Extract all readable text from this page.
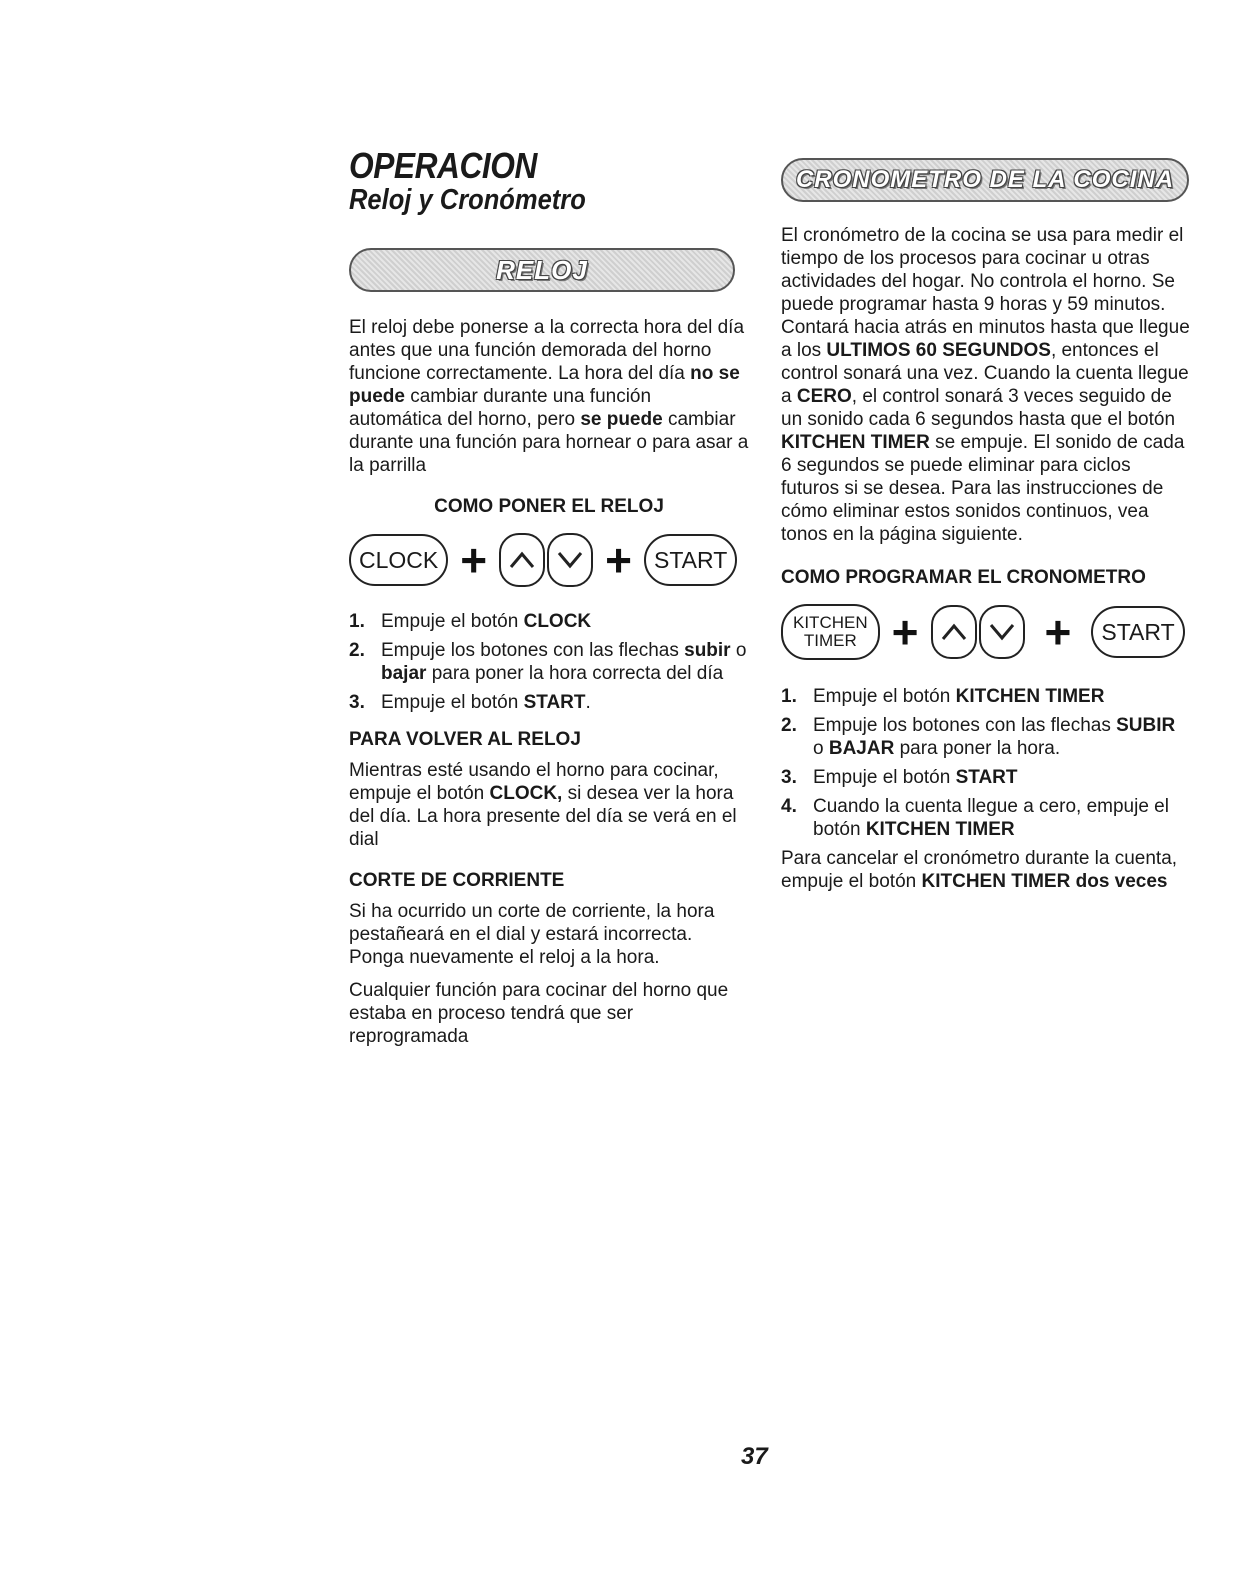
OPERACION
Reloj y Cronómetro
RELOJ

El reloj debe ponerse a la correcta hora del día antes que una función demorada del horno funcione correctamente. La hora del día no se puede cambiar durante una función automática del horno, pero se puede cambiar durante una función para hornear o para asar a la parrilla

COMO PONER EL RELOJ

CLOCK +	+ START
1. Empuje el botón CLOCK
2. Empuje los botones con las flechas subir o bajar para poner la hora correcta del día
3. Empuje el botón START.

PARA VOLVER AL RELOJ

Mientras esté usando el horno para cocinar, empuje el botón CLOCK, si desea ver la hora del día. La hora presente del día se verá en el dial

CORTE DE CORRIENTE

Si ha ocurrido un corte de corriente, la hora pestañeará en el dial y estará incorrecta. Ponga nuevamente el reloj a la hora.

Cualquier función para cocinar del horno que estaba en proceso tendrá que ser reprogramada

CRONOMETRO DE LA COCINA

El cronómetro de la cocina se usa para medir el tiempo de los procesos para cocinar u otras actividades del hogar. No controla el horno. Se puede programar hasta 9 horas y 59 minutos. Contará hacia atrás en minutos hasta que llegue a los ULTIMOS 60 SEGUNDOS, entonces el control sonará una vez. Cuando la cuenta llegue a CERO, el control sonará 3 veces seguido de un sonido cada 6 segundos hasta que el botón KITCHEN TIMER se empuje. El sonido de cada 6 segundos se puede eliminar para ciclos futuros si se desea. Para las instrucciones de cómo eliminar estos sonidos continuos, vea tonos en la página siguiente.

COMO PROGRAMAR EL CRONOMETRO

KITCHEN
TIMER +	+	START
1. Empuje el botón KITCHEN TIMER
2. Empuje los botones con las flechas SUBIR o BAJAR para poner la hora.
3. Empuje el botón START
4. Cuando la cuenta llegue a cero, empuje el botón KITCHEN TIMER

Para cancelar el cronómetro durante la cuenta, empuje el botón KITCHEN TIMER dos veces

37
